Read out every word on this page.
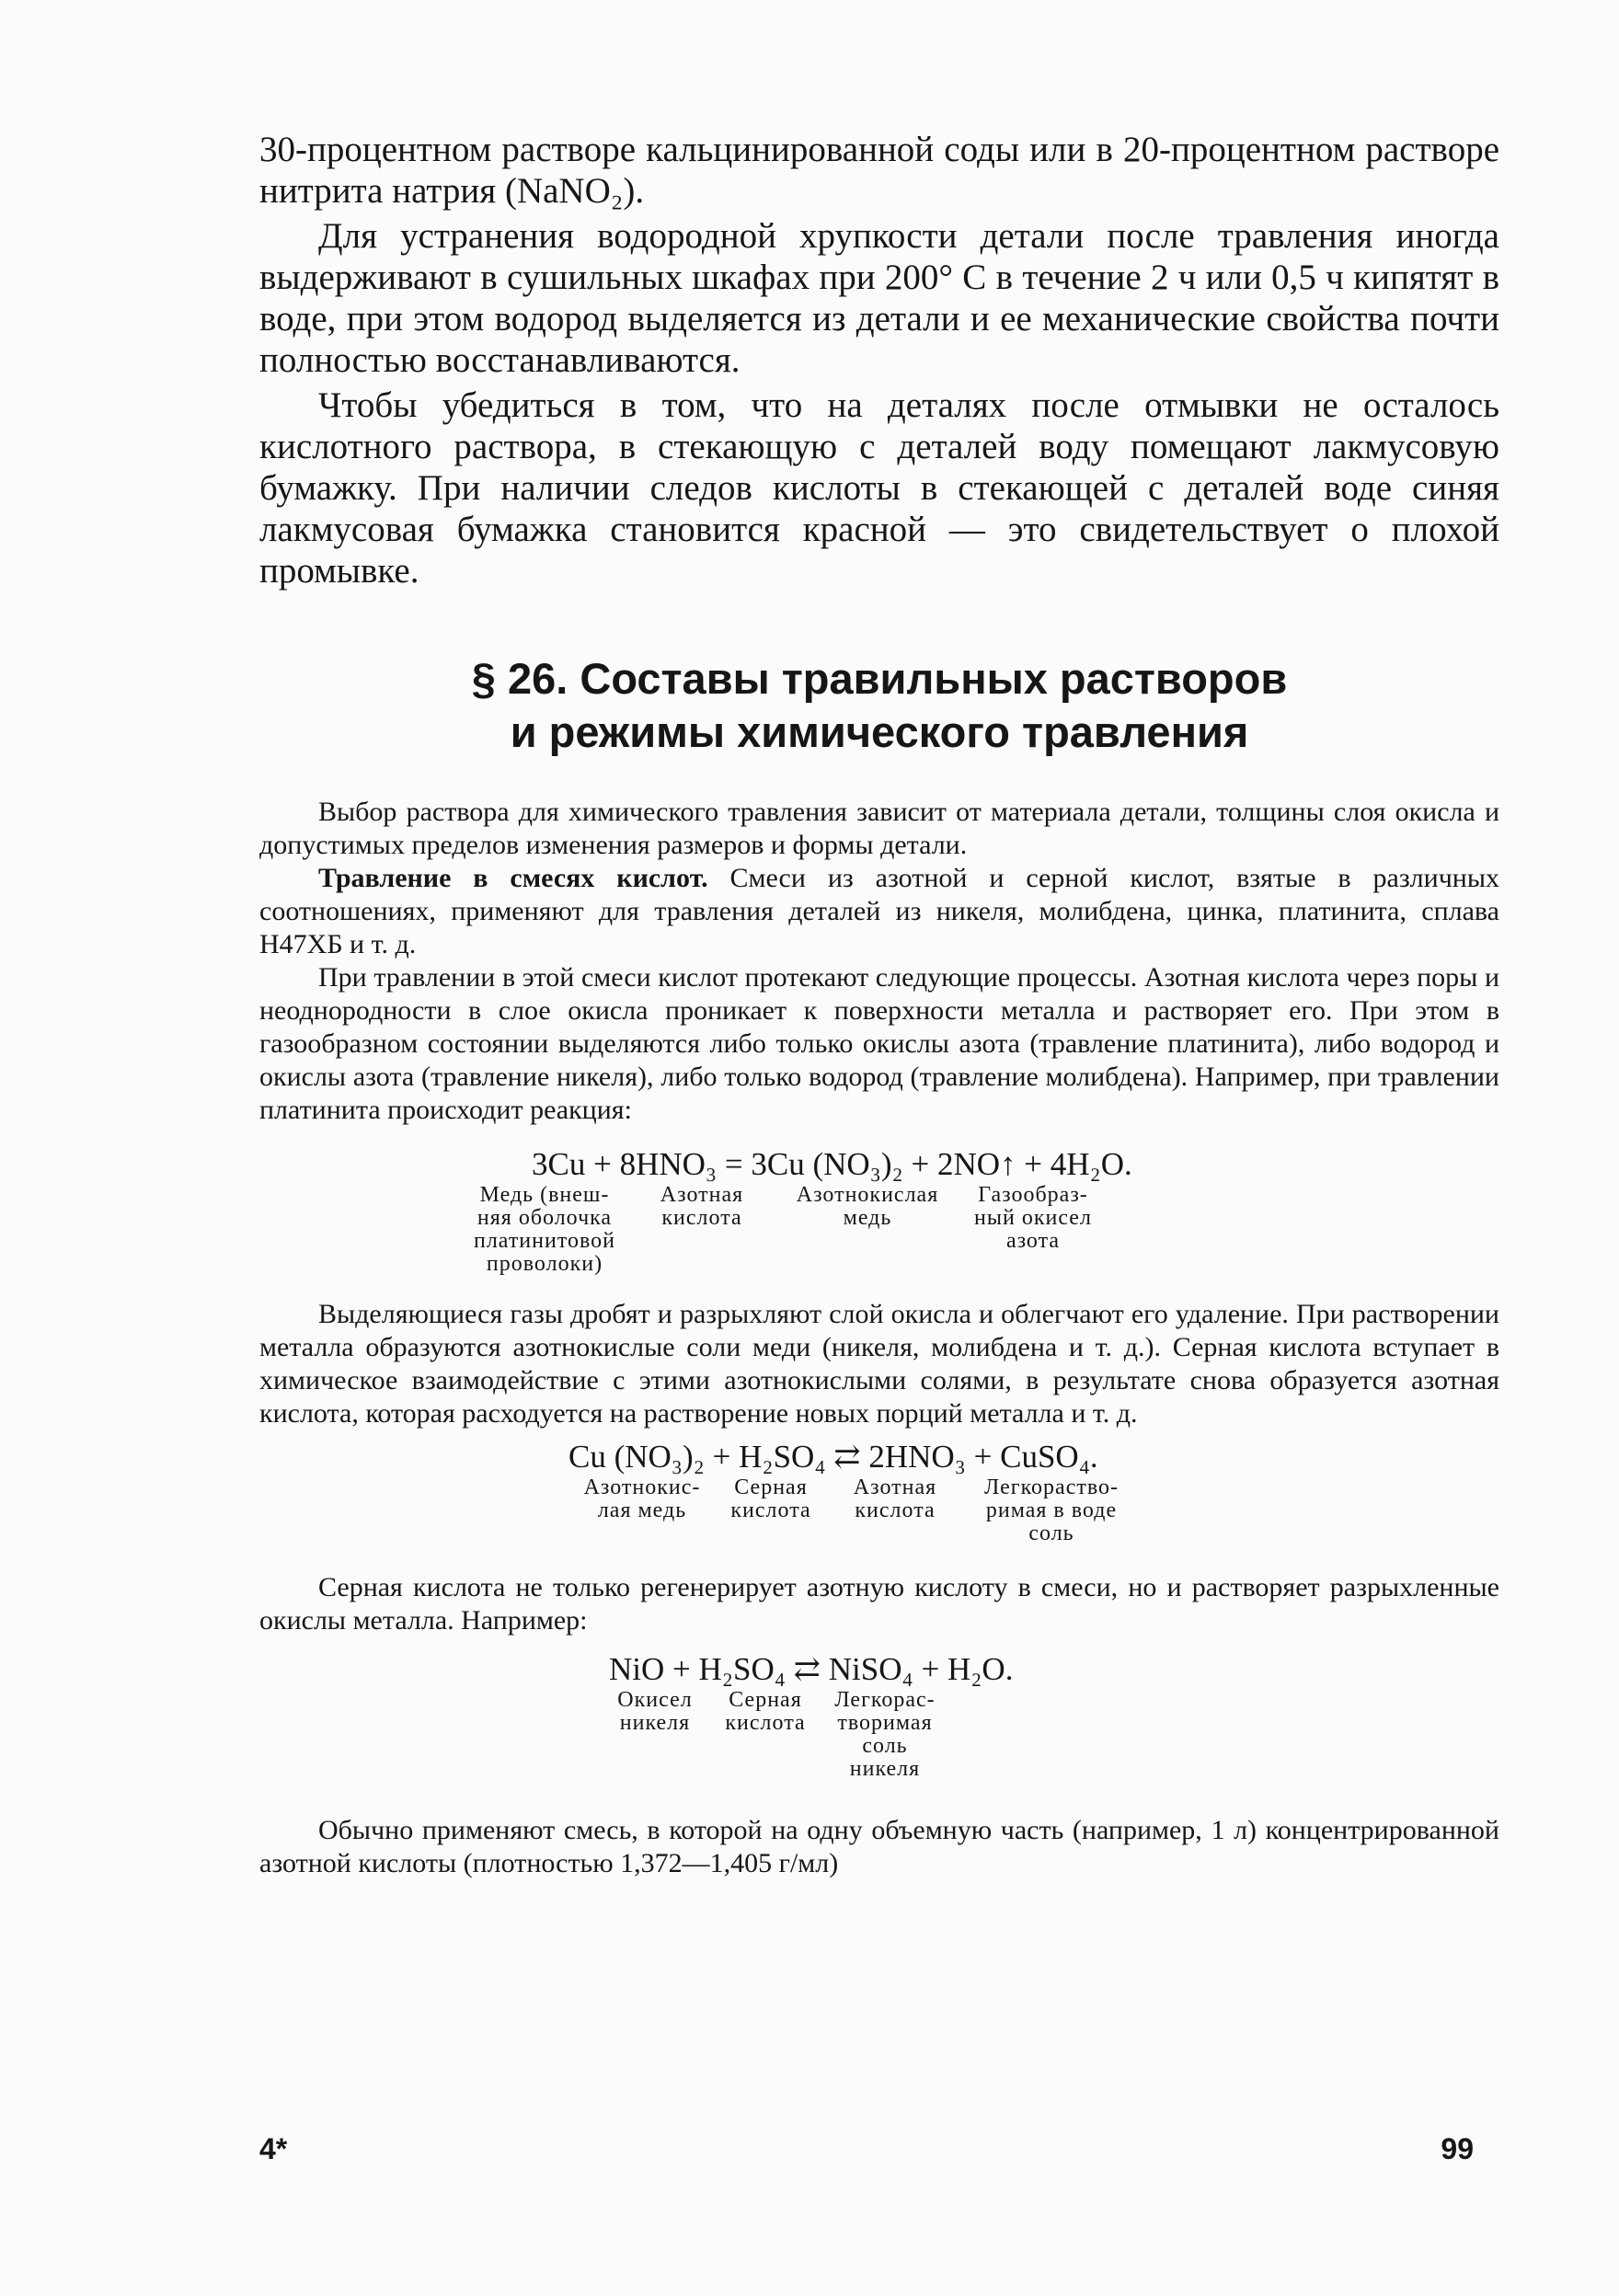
30-процентном растворе кальцинированной соды или в 20-процентном растворе нитрита натрия (NaNO₂).

Для устранения водородной хрупкости детали после травления иногда выдерживают в сушильных шкафах при 200° С в течение 2 ч или 0,5 ч кипятят в воде, при этом водород выделяется из детали и ее механические свойства почти полностью восстанавливаются.

Чтобы убедиться в том, что на деталях после отмывки не осталось кислотного раствора, в стекающую с деталей воду помещают лакмусовую бумажку. При наличии следов кислоты в стекающей с деталей воде синяя лакмусовая бумажка становится красной — это свидетельствует о плохой промывке.

§ 26. Составы травильных растворов
и режимы химического травления

Выбор раствора для химического травления зависит от материала детали, толщины слоя окисла и допустимых пределов изменения размеров и формы детали.

Травление в смесях кислот. Смеси из азотной и серной кислот, взятые в различных соотношениях, применяют для травления деталей из никеля, молибдена, цинка, платинита, сплава Н47ХБ и т. д.

При травлении в этой смеси кислот протекают следующие процессы. Азотная кислота через поры и неоднородности в слое окисла проникает к поверхности металла и растворяет его. При этом в газообразном состоянии выделяются либо только окислы азота (травление платинита), либо водород и окислы азота (травление никеля), либо только водород (травление молибдена). Например, при травлении платинита происходит реакция:

3Cu + 8HNO₃ = 3Cu (NO₃)₂ + 2NO↑ + 4H₂O.
Медь (внеш-
няя оболочка
платинитовой
проволоки)
Азотная
кислота
Азотнокислая
медь
Газообраз-
ный окисел
азота

Выделяющиеся газы дробят и разрыхляют слой окисла и облегчают его удаление. При растворении металла образуются азотнокислые соли меди (никеля, молибдена и т. д.). Серная кислота вступает в химическое взаимодействие с этими азотнокислыми солями, в результате снова образуется азотная кислота, которая расходуется на растворение новых порций металла и т. д.

Cu (NO₃)₂ + H₂SO₄ ⇄ 2HNO₃ + CuSO₄.
Азотнокис-
лая медь
Серная
кислота
Азотная
кислота
Легкораство-
римая в воде
соль

Серная кислота не только регенерирует азотную кислоту в смеси, но и растворяет разрыхленные окислы металла. Например:

NiO + H₂SO₄ ⇄ NiSO₄ + H₂O.
Окисел
никеля
Серная
кислота
Легкорас-
творимая
соль
никеля

Обычно применяют смесь, в которой на одну объемную часть (например, 1 л) концентрированной азотной кислоты (плотностью 1,372—1,405 г/мл)

4*	99
